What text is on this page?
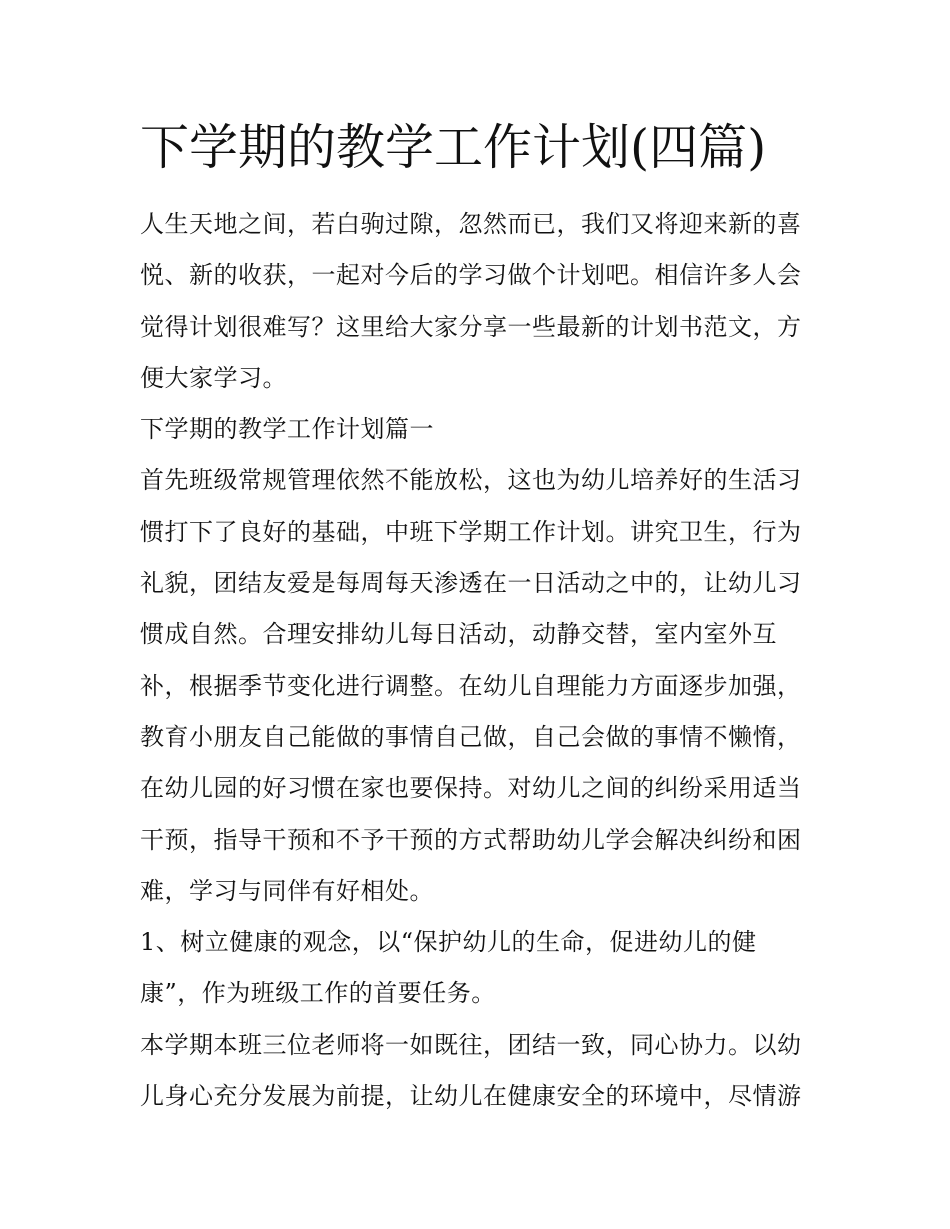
下学期的教学工作计划(四篇)
人生天地之间，若白驹过隙，忽然而已，我们又将迎来新的喜
悦、新的收获，一起对今后的学习做个计划吧。相信许多人会
觉得计划很难写？这里给大家分享一些最新的计划书范文，方
便大家学习。
下学期的教学工作计划篇一
首先班级常规管理依然不能放松，这也为幼儿培养好的生活习
惯打下了良好的基础，中班下学期工作计划。讲究卫生，行为
礼貌，团结友爱是每周每天渗透在一日活动之中的，让幼儿习
惯成自然。合理安排幼儿每日活动，动静交替，室内室外互
补，根据季节变化进行调整。在幼儿自理能力方面逐步加强，
教育小朋友自己能做的事情自己做，自己会做的事情不懒惰，
在幼儿园的好习惯在家也要保持。对幼儿之间的纠纷采用适当
干预，指导干预和不予干预的方式帮助幼儿学会解决纠纷和困
难，学习与同伴有好相处。
1、树立健康的观念，以“保护幼儿的生命，促进幼儿的健
康”，作为班级工作的首要任务。
本学期本班三位老师将一如既往，团结一致，同心协力。以幼
儿身心充分发展为前提，让幼儿在健康安全的环境中，尽情游
